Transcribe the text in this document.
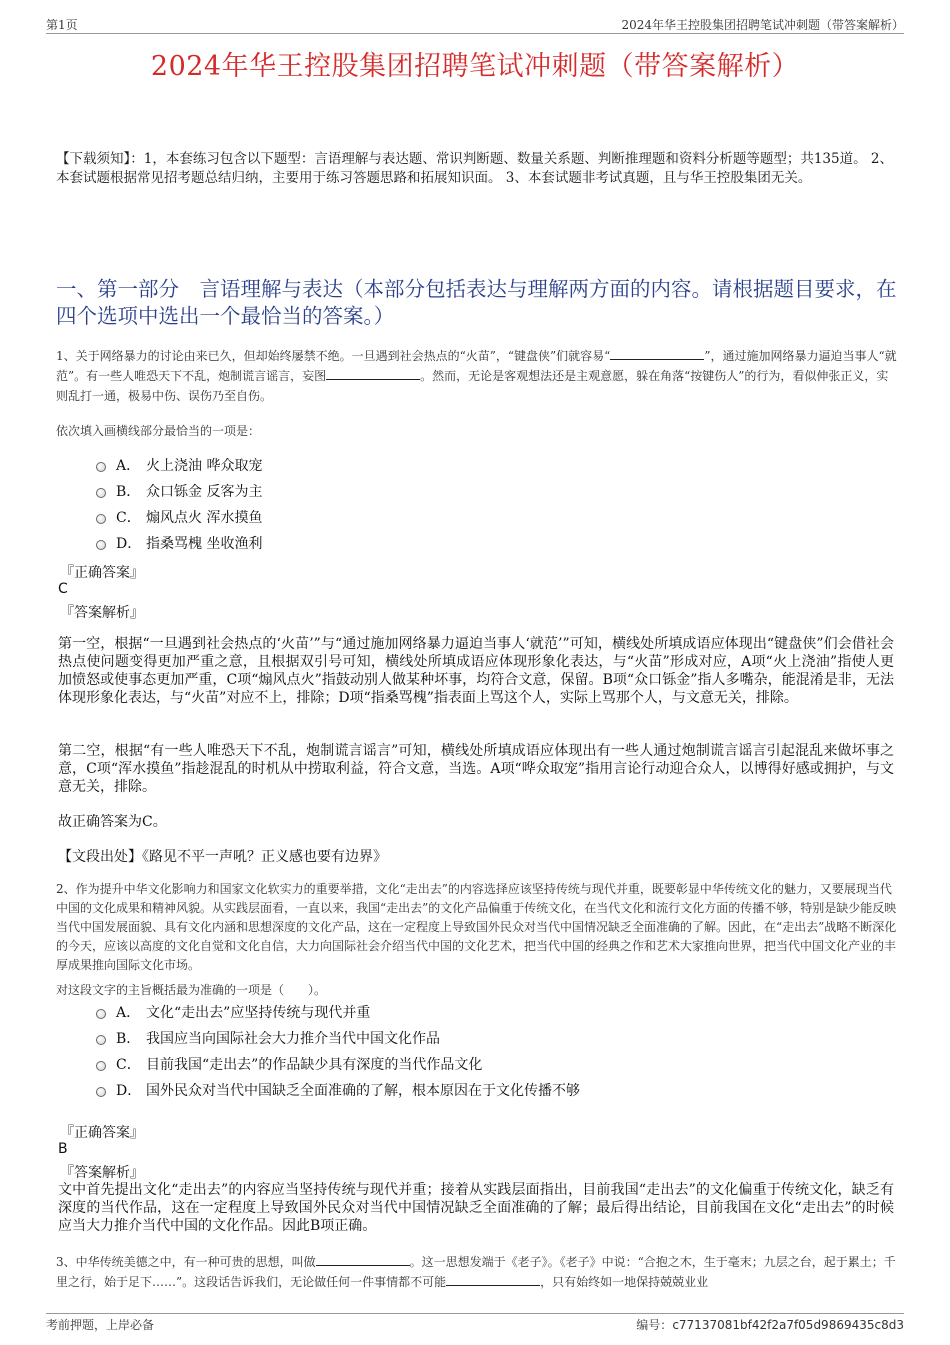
第1页	2024年华王控股集团招聘笔试冲刺题（带答案解析）
2024年华王控股集团招聘笔试冲刺题（带答案解析）
【下载须知】：1，本套练习包含以下题型：言语理解与表达题、常识判断题、数量关系题、判断推理题和资料分析题等题型；共135道。 2、本套试题根据常见招考题总结归纳，主要用于练习答题思路和拓展知识面。 3、本套试题非考试真题，且与华王控股集团无关。
一、第一部分　言语理解与表达（本部分包括表达与理解两方面的内容。请根据题目要求，在四个选项中选出一个最恰当的答案。）
1、关于网络暴力的讨论由来已久，但却始终屡禁不绝。一旦遇到社会热点的“火苗”，“键盘侠”们就容易“	”，通过施加网络暴力逼迫当事人“就范”。有一些人唯恐天下不乱，炮制谎言谣言，妄图	。然而，无论是客观想法还是主观意愿，躲在角落“按键伤人”的行为，看似伸张正义，实则乱打一通，极易中伤、误伤乃至自伤。
依次填入画横线部分最恰当的一项是：
A． 火上浇油 哗众取宠
B． 众口铄金 反客为主
C． 煽风点火 浑水摸鱼
D． 指桑骂槐 坐收渔利
『正确答案』
C
『答案解析』
第一空，根据“一旦遇到社会热点的‘火苗’”与“通过施加网络暴力逼迫当事人‘就范’”可知，横线处所填成语应体现出“键盘侠”们会借社会热点使问题变得更加严重之意，且根据双引号可知，横线处所填成语应体现形象化表达，与“火苗”形成对应，A项“火上浇油”指使人更加愤怒或使事态更加严重，C项“煽风点火”指鼓动别人做某种坏事，均符合文意，保留。B项“众口铄金”指人多嘴杂，能混淆是非，无法体现形象化表达，与“火苗”对应不上，排除；D项“指桑骂槐”指表面上骂这个人，实际上骂那个人，与文意无关，排除。
第二空，根据“有一些人唯恐天下不乱，炮制谎言谣言”可知，横线处所填成语应体现出有一些人通过炮制谎言谣言引起混乱来做坏事之意，C项“浑水摸鱼”指趁混乱的时机从中捞取利益，符合文意，当选。A项“哗众取宠”指用言论行动迎合众人，以博得好感或拥护，与文意无关，排除。
故正确答案为C。
【文段出处】《路见不平一声吼？正义感也要有边界》
2、作为提升中华文化影响力和国家文化软实力的重要举措，文化“走出去”的内容选择应该坚持传统与现代并重，既要彰显中华传统文化的魅力，又要展现当代中国的文化成果和精神风貌。从实践层面看，一直以来，我国“走出去”的文化产品偏重于传统文化，在当代文化和流行文化方面的传播不够，特别是缺少能反映当代中国发展面貌、具有文化内涵和思想深度的文化产品，这在一定程度上导致国外民众对当代中国情况缺乏全面准确的了解。因此，在“走出去”战略不断深化的今天，应该以高度的文化自觉和文化自信，大力向国际社会介绍当代中国的文化艺术，把当代中国的经典之作和艺术大家推向世界，把当代中国文化产业的丰厚成果推向国际文化市场。
对这段文字的主旨概括最为准确的一项是（　　）。
A． 文化“走出去”应坚持传统与现代并重
B． 我国应当向国际社会大力推介当代中国文化作品
C． 目前我国“走出去”的作品缺少具有深度的当代作品文化
D． 国外民众对当代中国缺乏全面准确的了解，根本原因在于文化传播不够
『正确答案』
B
『答案解析』
文中首先提出文化“走出去”的内容应当坚持传统与现代并重；接着从实践层面指出，目前我国“走出去”的文化偏重于传统文化，缺乏有深度的当代作品，这在一定程度上导致国外民众对当代中国情况缺乏全面准确的了解；最后得出结论，目前我国在文化“走出去”的时候应当大力推介当代中国的文化作品。因此B项正确。
3、中华传统美德之中，有一种可贵的思想，叫做	。这一思想发端于《老子》。《老子》中说：“合抱之木，生于毫末；九层之台，起于累土；千里之行，始于足下……”。这段话告诉我们，无论做任何一件事情都不可能	，只有始终如一地保持兢兢业业
考前押题，上岸必备	编号：c77137081bf42f2a7f05d9869435c8d3
